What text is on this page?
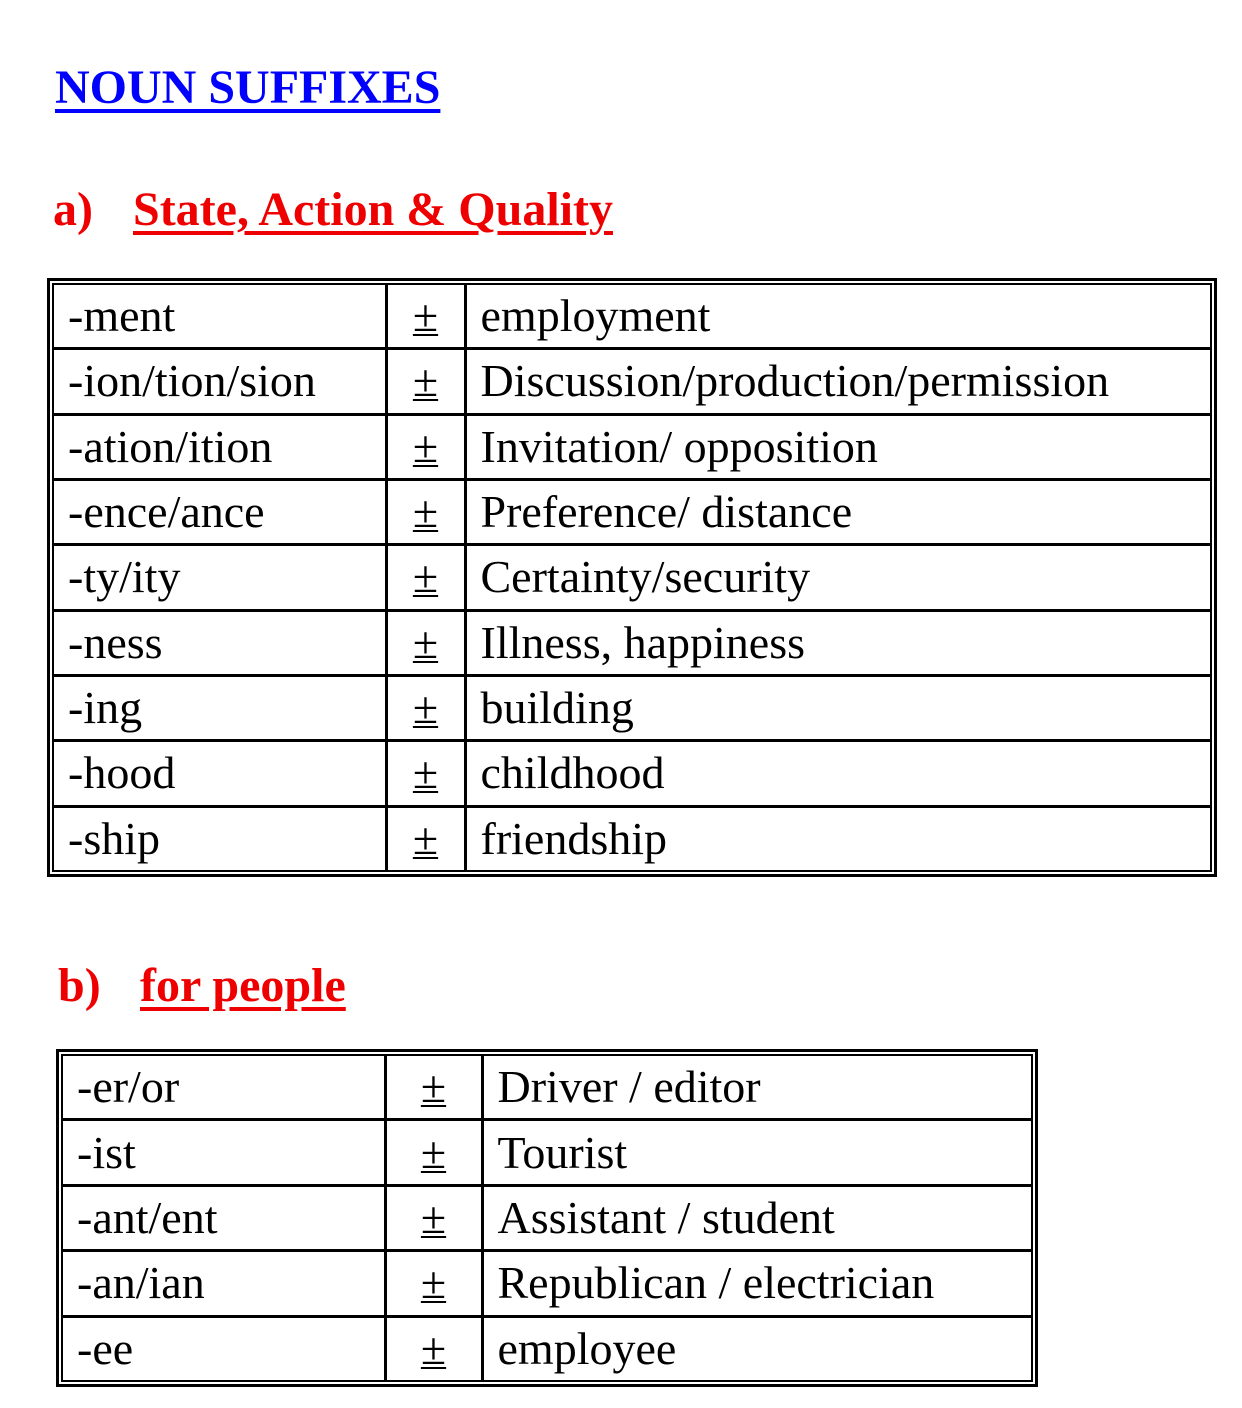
NOUN SUFFIXES
a) State, Action & Quality
-ment	±	employment
-ion/tion/sion	±	Discussion/production/permission
-ation/ition	±	Invitation/ opposition
-ence/ance	±	Preference/ distance
-ty/ity	±	Certainty/security
-ness	±	Illness, happiness
-ing	±	building
-hood	±	childhood
-ship	±	friendship
b) for people
-er/or	±	Driver / editor
-ist	±	Tourist
-ant/ent	±	Assistant / student
-an/ian	±	Republican / electrician
-ee	±	employee
